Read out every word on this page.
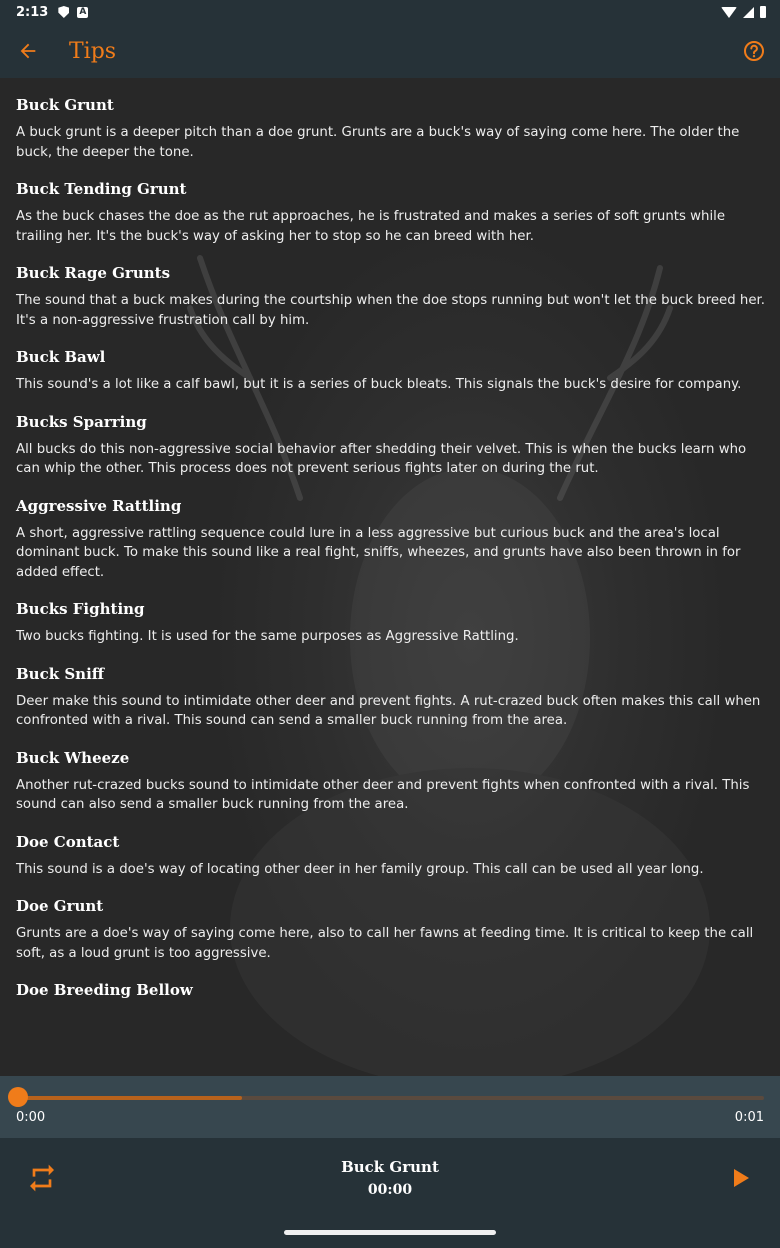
2:13	A
Tips
Buck Grunt
A buck grunt is a deeper pitch than a doe grunt. Grunts are a buck's way of saying come here. The older the buck, the deeper the tone.
Buck Tending Grunt
As the buck chases the doe as the rut approaches, he is frustrated and makes a series of soft grunts while trailing her. It's the buck's way of asking her to stop so he can breed with her.
Buck Rage Grunts
The sound that a buck makes during the courtship when the doe stops running but won't let the buck breed her. It's a non-aggressive frustration call by him.
Buck Bawl
This sound's a lot like a calf bawl, but it is a series of buck bleats. This signals the buck's desire for company.
Bucks Sparring
All bucks do this non-aggressive social behavior after shedding their velvet. This is when the bucks learn who can whip the other. This process does not prevent serious fights later on during the rut.
Aggressive Rattling
A short, aggressive rattling sequence could lure in a less aggressive but curious buck and the area's local dominant buck. To make this sound like a real fight, sniffs, wheezes, and grunts have also been thrown in for added effect.
Bucks Fighting
Two bucks fighting. It is used for the same purposes as Aggressive Rattling.
Buck Sniff
Deer make this sound to intimidate other deer and prevent fights. A rut-crazed buck often makes this call when confronted with a rival. This sound can send a smaller buck running from the area.
Buck Wheeze
Another rut-crazed bucks sound to intimidate other deer and prevent fights when confronted with a rival. This sound can also send a smaller buck running from the area.
Doe Contact
This sound is a doe's way of locating other deer in her family group. This call can be used all year long.
Doe Grunt
Grunts are a doe's way of saying come here, also to call her fawns at feeding time. It is critical to keep the call soft, as a loud grunt is too aggressive.
Doe Breeding Bellow
0:00	0:01
Buck Grunt
00:00
